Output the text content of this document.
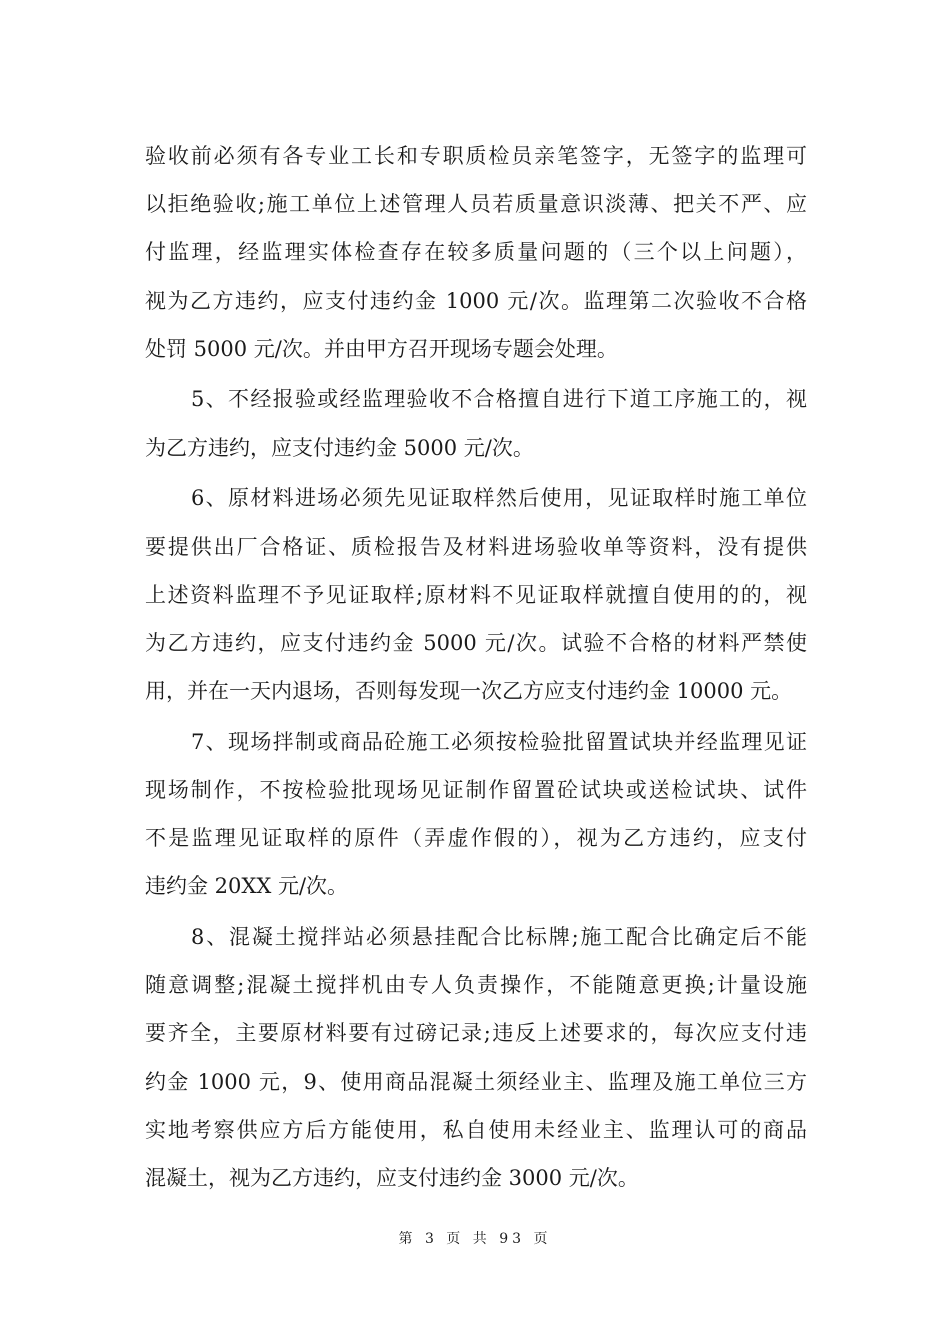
验收前必须有各专业工长和专职质检员亲笔签字，无签字的监理可
以拒绝验收;施工单位上述管理人员若质量意识淡薄、把关不严、应
付监理，经监理实体检查存在较多质量问题的（三个以上问题），
视为乙方违约，应支付违约金 1000 元/次。监理第二次验收不合格
处罚 5000 元/次。并由甲方召开现场专题会处理。
5、不经报验或经监理验收不合格擅自进行下道工序施工的，视
为乙方违约，应支付违约金 5000 元/次。
6、原材料进场必须先见证取样然后使用，见证取样时施工单位
要提供出厂合格证、质检报告及材料进场验收单等资料，没有提供
上述资料监理不予见证取样;原材料不见证取样就擅自使用的的，视
为乙方违约，应支付违约金 5000 元/次。试验不合格的材料严禁使
用，并在一天内退场，否则每发现一次乙方应支付违约金 10000 元。
7、现场拌制或商品砼施工必须按检验批留置试块并经监理见证
现场制作，不按检验批现场见证制作留置砼试块或送检试块、试件
不是监理见证取样的原件（弄虚作假的），视为乙方违约，应支付
违约金 20XX 元/次。
8、混凝土搅拌站必须悬挂配合比标牌;施工配合比确定后不能
随意调整;混凝土搅拌机由专人负责操作，不能随意更换;计量设施
要齐全，主要原材料要有过磅记录;违反上述要求的，每次应支付违
约金 1000 元，9、使用商品混凝土须经业主、监理及施工单位三方
实地考察供应方后方能使用，私自使用未经业主、监理认可的商品
混凝土，视为乙方违约，应支付违约金 3000 元/次。
第 3 页 共 93 页
